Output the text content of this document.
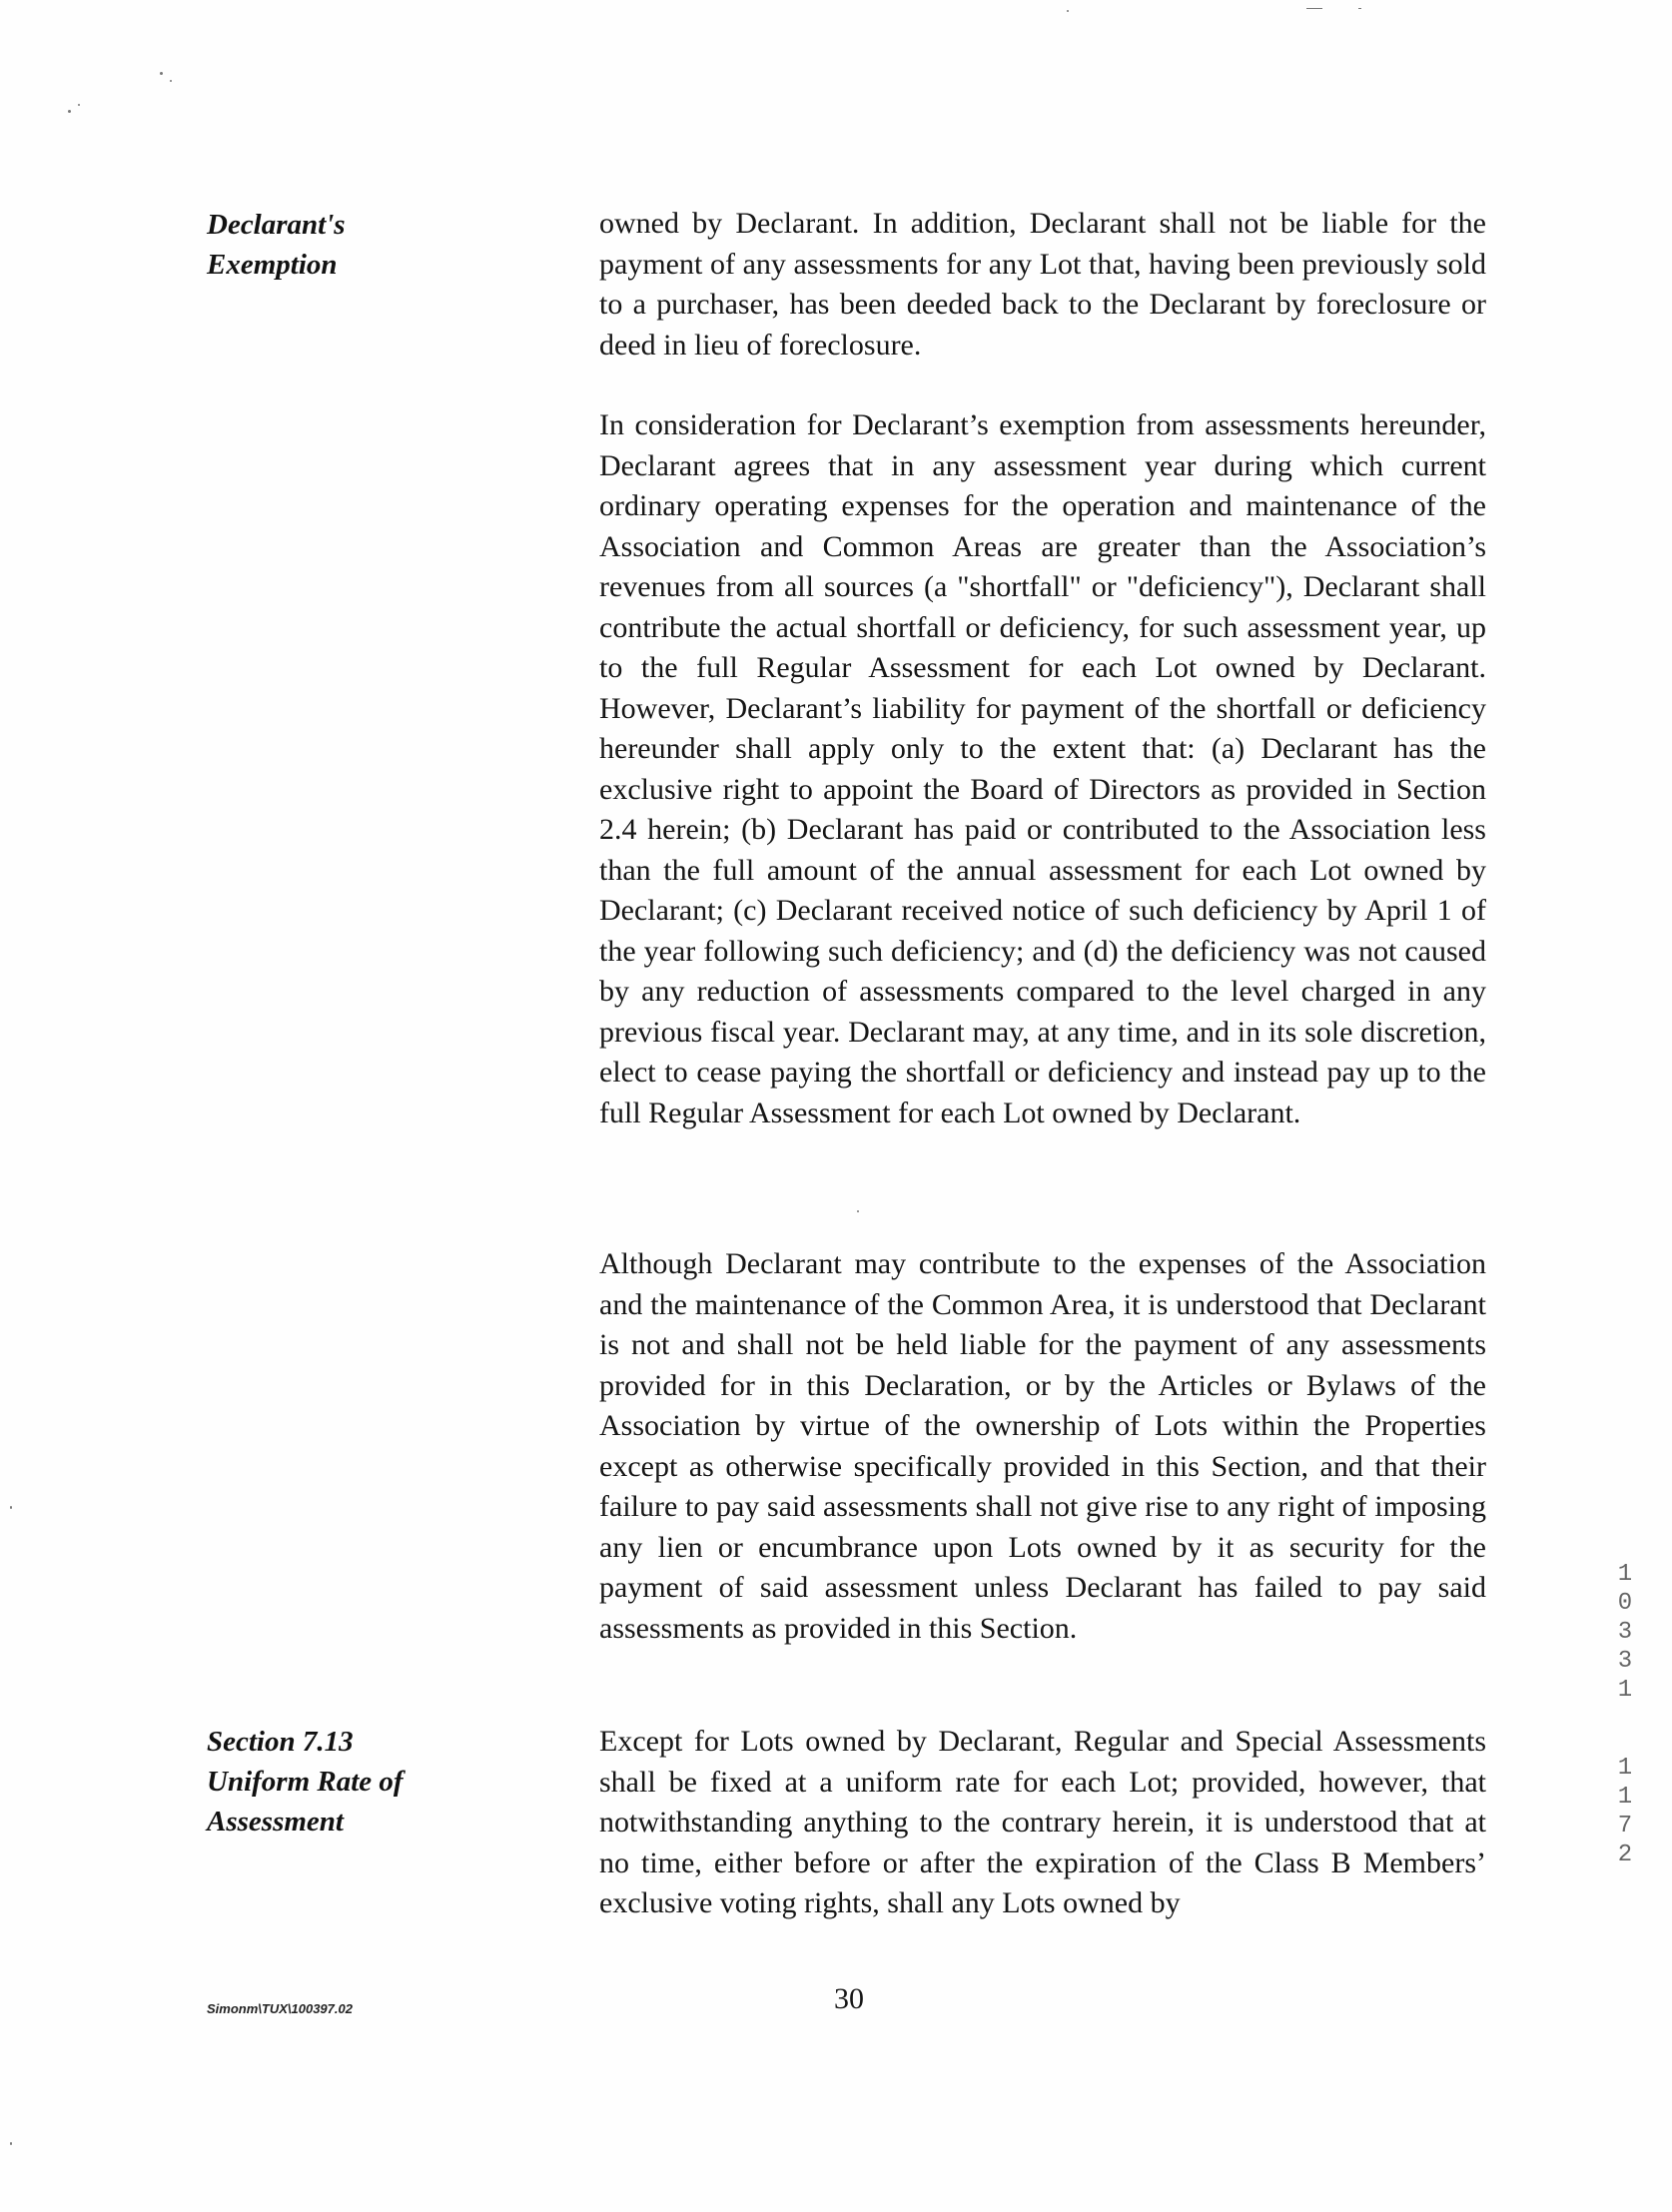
Declarant's
Exemption
Section 7.13
Uniform Rate of
Assessment

owned by Declarant. In addition, Declarant shall not be liable for the payment of any assessments for any Lot that, having been previously sold to a purchaser, has been deeded back to the Declarant by foreclosure or deed in lieu of foreclosure.

In consideration for Declarant’s exemption from assessments hereunder, Declarant agrees that in any assessment year during which current ordinary operating expenses for the operation and maintenance of the Association and Common Areas are greater than the Association’s revenues from all sources (a "shortfall" or "deficiency"), Declarant shall contribute the actual shortfall or deficiency, for such assessment year, up to the full Regular Assessment for each Lot owned by Declarant. However, Declarant’s liability for payment of the shortfall or deficiency hereunder shall apply only to the extent that: (a) Declarant has the exclusive right to appoint the Board of Directors as provided in Section 2.4 herein; (b) Declarant has paid or contributed to the Association less than the full amount of the annual assessment for each Lot owned by Declarant; (c) Declarant received notice of such deficiency by April 1 of the year following such deficiency; and (d) the deficiency was not caused by any reduction of assessments compared to the level charged in any previous fiscal year. Declarant may, at any time, and in its sole discretion, elect to cease paying the shortfall or deficiency and instead pay up to the full Regular Assessment for each Lot owned by Declarant.

Although Declarant may contribute to the expenses of the Association and the maintenance of the Common Area, it is understood that Declarant is not and shall not be held liable for the payment of any assessments provided for in this Declaration, or by the Articles or Bylaws of the Association by virtue of the ownership of Lots within the Properties except as otherwise specifically provided in this Section, and that their failure to pay said assessments shall not give rise to any right of imposing any lien or encumbrance upon Lots owned by it as security for the payment of said assessment unless Declarant has failed to pay said assessments as provided in this Section.

Except for Lots owned by Declarant, Regular and Special Assessments shall be fixed at a uniform rate for each Lot; provided, however, that notwithstanding anything to the contrary herein, it is understood that at no time, either before or after the expiration of the Class B Members’ exclusive voting rights, shall any Lots owned by

Simonm\TUX\100397.02	30
1
0
3
3
1
1
1
7
2
